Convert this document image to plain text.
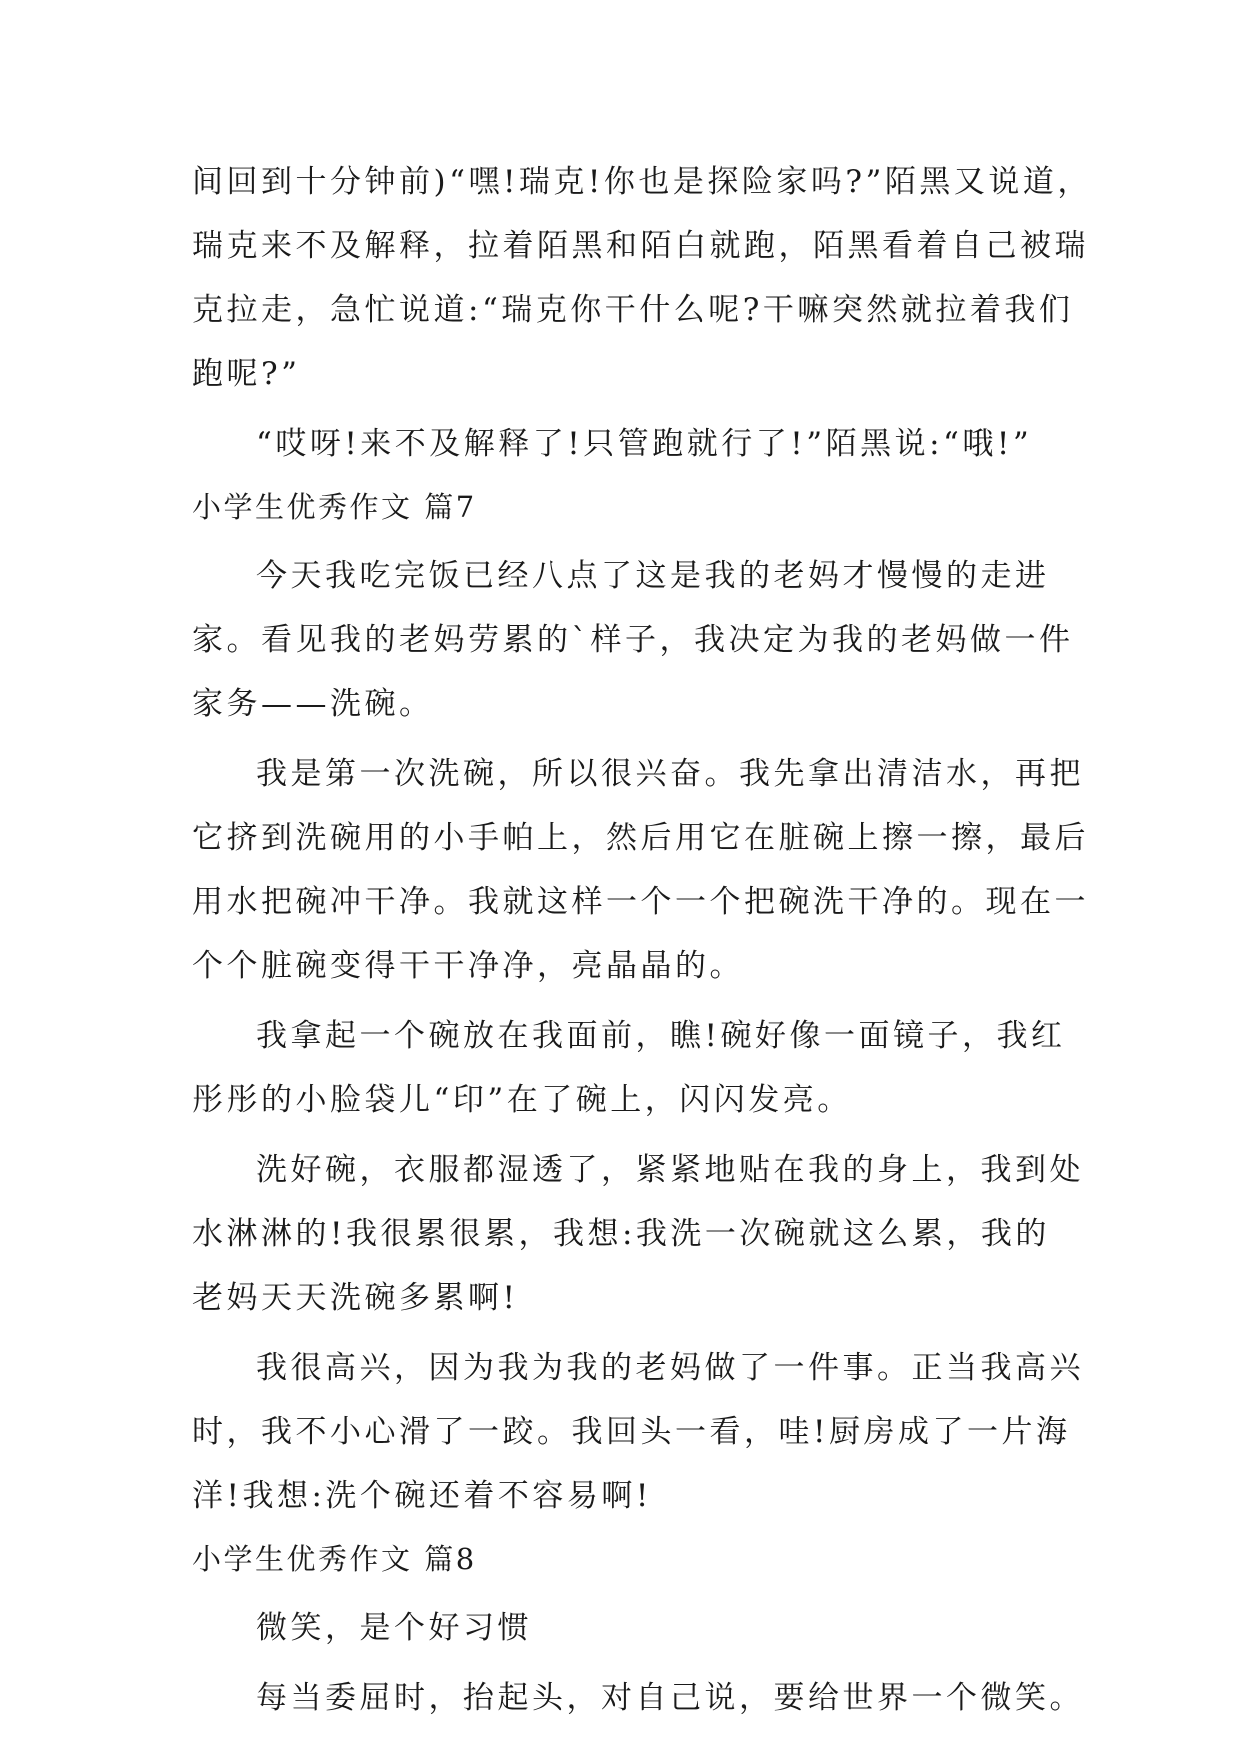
间回到十分钟前)“嘿!瑞克!你也是探险家吗?”陌黑又说道，
瑞克来不及解释，拉着陌黑和陌白就跑，陌黑看着自己被瑞
克拉走，急忙说道:“瑞克你干什么呢?干嘛突然就拉着我们
跑呢?”
“哎呀!来不及解释了!只管跑就行了!”陌黑说:“哦!”
小学生优秀作文 篇7
今天我吃完饭已经八点了这是我的老妈才慢慢的走进
家。看见我的老妈劳累的`样子，我决定为我的老妈做一件
家务——洗碗。
我是第一次洗碗，所以很兴奋。我先拿出清洁水，再把
它挤到洗碗用的小手帕上，然后用它在脏碗上擦一擦，最后
用水把碗冲干净。我就这样一个一个把碗洗干净的。现在一
个个脏碗变得干干净净，亮晶晶的。
我拿起一个碗放在我面前，瞧!碗好像一面镜子，我红
彤彤的小脸袋儿“印”在了碗上，闪闪发亮。
洗好碗，衣服都湿透了，紧紧地贴在我的身上，我到处
水淋淋的!我很累很累，我想:我洗一次碗就这么累，我的
老妈天天洗碗多累啊!
我很高兴，因为我为我的老妈做了一件事。正当我高兴
时，我不小心滑了一跤。我回头一看，哇!厨房成了一片海
洋!我想:洗个碗还着不容易啊!
小学生优秀作文 篇8
微笑，是个好习惯
每当委屈时，抬起头，对自己说，要给世界一个微笑。
